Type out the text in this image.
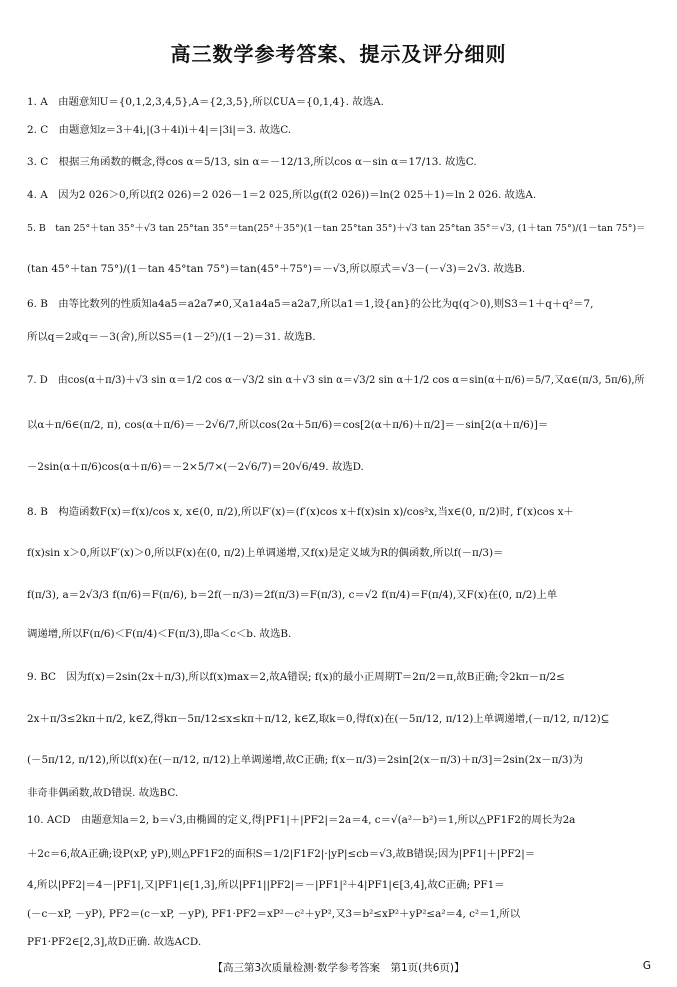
高三数学参考答案、提示及评分细则
1. A　由题意知U＝{0,1,2,3,4,5},A＝{2,3,5},所以∁UA＝{0,1,4}. 故选A.
2. C　由题意知z＝3＋4i,|(3＋4i)i＋4|＝|3i|＝3. 故选C.
3. C　根据三角函数的概念,得cos α＝5/13, sin α＝－12/13,所以cos α－sin α＝17/13. 故选C.
4. A　因为2 026＞0,所以f(2 026)＝2 026－1＝2 025,所以g(f(2 026))＝ln(2 025＋1)＝ln 2 026. 故选A.
5. B　tan 25°＋tan 35°＋√3 tan 25°tan 35°＝tan(25°＋35°)(1－tan 25°tan 35°)＋√3 tan 25°tan 35°＝√3, (1＋tan 75°)/(1－tan 75°)＝
(tan 45°＋tan 75°)/(1－tan 45°tan 75°)＝tan(45°＋75°)＝－√3,所以原式＝√3－(－√3)＝2√3. 故选B.
6. B　由等比数列的性质知a4a5＝a2a7≠0,又a1a4a5＝a2a7,所以a1＝1,设{an}的公比为q(q＞0),则S3＝1＋q＋q²＝7,
所以q＝2或q＝－3(舍),所以S5＝(1－2⁵)/(1－2)＝31. 故选B.
7. D　由cos(α＋π/3)＋√3 sin α＝1/2 cos α－√3/2 sin α＋√3 sin α＝√3/2 sin α＋1/2 cos α＝sin(α＋π/6)＝5/7,又α∈(π/3, 5π/6),所
以α＋π/6∈(π/2, π), cos(α＋π/6)＝－2√6/7,所以cos(2α＋5π/6)＝cos[2(α＋π/6)＋π/2]＝－sin[2(α＋π/6)]＝
－2sin(α＋π/6)cos(α＋π/6)＝－2×5/7×(－2√6/7)＝20√6/49. 故选D.
8. B　构造函数F(x)＝f(x)/cos x, x∈(0, π/2),所以F′(x)＝(f′(x)cos x＋f(x)sin x)/cos²x,当x∈(0, π/2)时, f′(x)cos x＋
f(x)sin x＞0,所以F′(x)＞0,所以F(x)在(0, π/2)上单调递增,又f(x)是定义域为R的偶函数,所以f(－π/3)＝
f(π/3), a＝2√3/3 f(π/6)＝F(π/6), b＝2f(－π/3)＝2f(π/3)＝F(π/3), c＝√2 f(π/4)＝F(π/4),又F(x)在(0, π/2)上单
调递增,所以F(π/6)＜F(π/4)＜F(π/3),即a＜c＜b. 故选B.
9. BC　因为f(x)＝2sin(2x＋π/3),所以f(x)max＝2,故A错误; f(x)的最小正周期T＝2π/2＝π,故B正确;令2kπ－π/2≤
2x＋π/3≤2kπ＋π/2, k∈Z,得kπ－5π/12≤x≤kπ＋π/12, k∈Z,取k＝0,得f(x)在(－5π/12, π/12)上单调递增,(－π/12, π/12)⊆
(－5π/12, π/12),所以f(x)在(－π/12, π/12)上单调递增,故C正确; f(x－π/3)＝2sin[2(x－π/3)＋π/3]＝2sin(2x－π/3)为
非奇非偶函数,故D错误. 故选BC.
10. ACD　由题意知a＝2, b＝√3,由椭圆的定义,得|PF1|＋|PF2|＝2a＝4, c＝√(a²－b²)＝1,所以△PF1F2的周长为2a
＋2c＝6,故A正确;设P(xP, yP),则△PF1F2的面积S＝1/2|F1F2|·|yP|≤cb＝√3,故B错误;因为|PF1|＋|PF2|＝
4,所以|PF2|＝4－|PF1|,又|PF1|∈[1,3],所以|PF1||PF2|＝－|PF1|²＋4|PF1|∈[3,4],故C正确; PF1＝
(－c－xP, －yP), PF2＝(c－xP, －yP), PF1·PF2＝xP²－c²＋yP²,又3＝b²≤xP²＋yP²≤a²＝4, c²＝1,所以
PF1·PF2∈[2,3],故D正确. 故选ACD.
【高三第3次质量检测·数学参考答案　第1页(共6页)】	G
